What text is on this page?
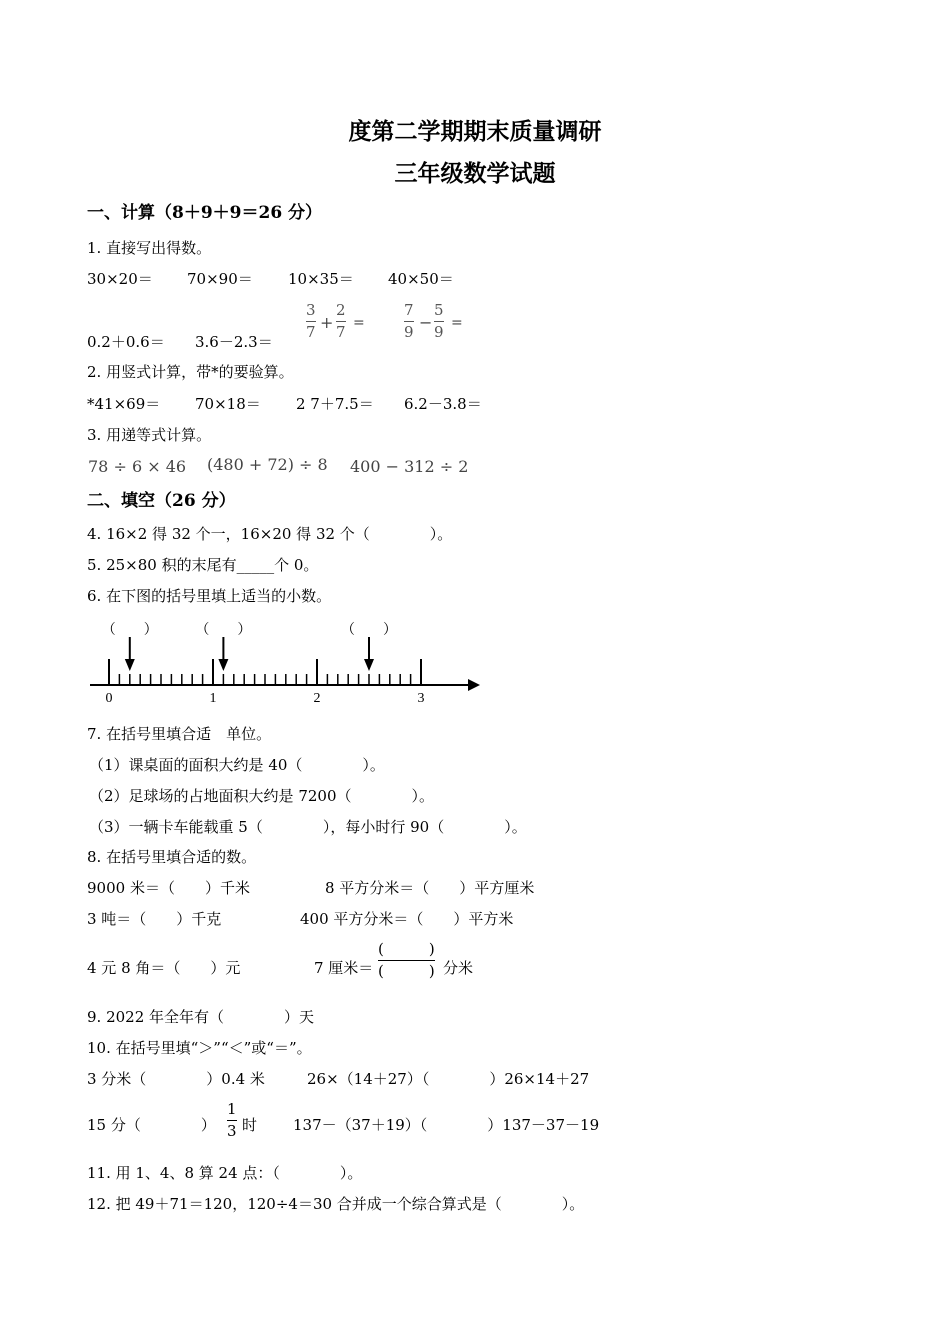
度第二学期期末质量调研
三年级数学试题
一、计算（8＋9＋9＝26 分）
1. 直接写出得数。
30×20＝ 70×90＝ 10×35＝ 40×50＝
3
7 +
2
7 =
7
9 −
5
9 =
0.2＋0.6＝ 3.6－2.3＝
2. 用竖式计算，带*的要验算。
*41×69＝ 70×18＝ 2 7＋7.5＝ 6.2－3.8＝
3. 用递等式计算。
78 ÷ 6 × 46 (480 + 72) ÷ 8 400 − 312 ÷ 2
二、填空（26 分）
4. 16×2 得 32 个一，16×20 得 32 个（　　　　）。
5. 25×80 积的末尾有_____个 0。
6. 在下图的括号里填上适当的小数。
（　　）	（　　）	（　　）
0	1	2	3
7. 在括号里填合适　单位。
（1）课桌面的面积大约是 40（　　　　）。
（2）足球场的占地面积大约是 7200（　　　　）。
（3）一辆卡车能载重 5（　　　　），每小时行 90（　　　　）。
8. 在括号里填合适的数。
9000 米＝（　　）千米	8 平方分米＝（　　）平方厘米
3 吨＝（　　）千克	400 平方分米＝（　　）平方米
4 元 8 角＝（　　）元	7 厘米＝
(　　　)
(　　　) 分米
9. 2022 年全年有（　　　　）天
10. 在括号里填“＞”“＜”或“＝”。
3 分米（　　　　）0.4 米	26×（14＋27）（　　　　）26×14＋27
15 分（　　　　）
1
3 时 137－（37＋19）（　　　　）137－37－19
11. 用 1、4、8 算 24 点：（　　　　）。
12. 把 49＋71＝120，120÷4＝30 合并成一个综合算式是（　　　　）。
